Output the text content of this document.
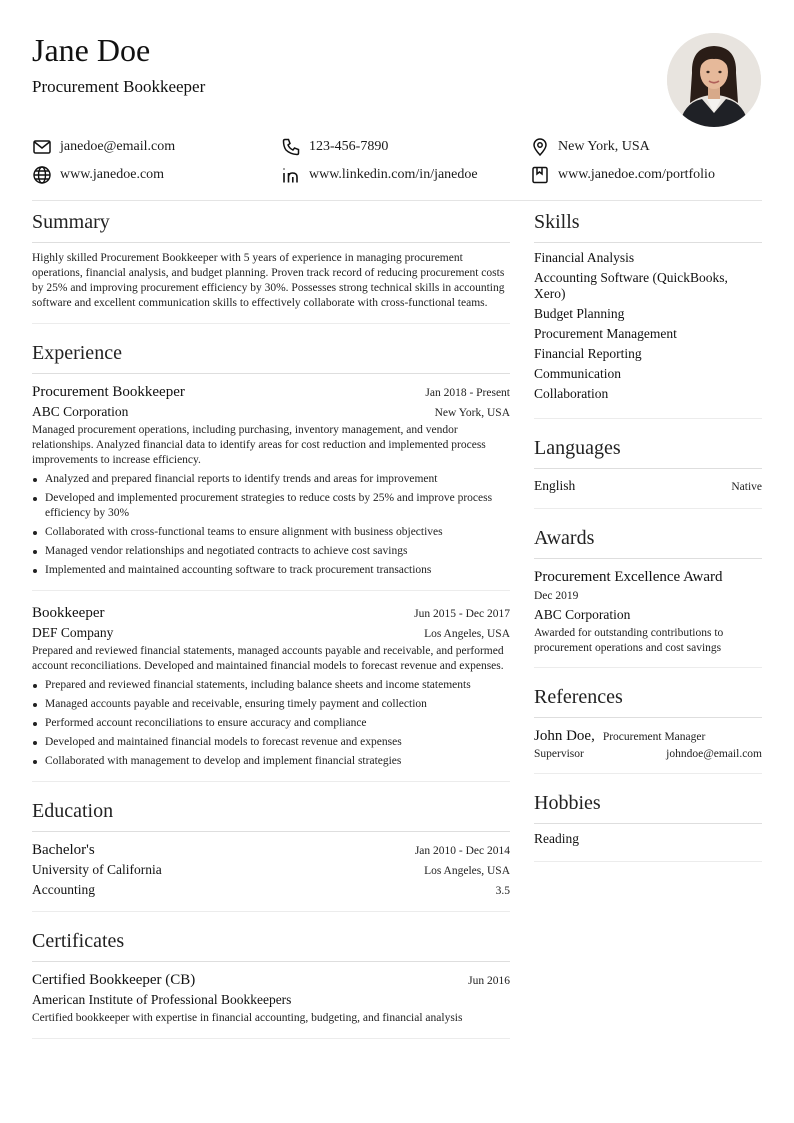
Jane Doe
Procurement Bookkeeper
janedoe@email.com	123-456-7890	New York, USA
www.janedoe.com	www.linkedin.com/in/janedoe	www.janedoe.com/portfolio
Summary
Highly skilled Procurement Bookkeeper with 5 years of experience in managing procurement operations, financial analysis, and budget planning. Proven track record of reducing procurement costs by 25% and improving procurement efficiency by 30%. Possesses strong technical skills in accounting software and excellent communication skills to effectively collaborate with cross-functional teams.
Experience
Procurement Bookkeeper	Jan 2018 - Present
ABC Corporation	New York, USA
Managed procurement operations, including purchasing, inventory management, and vendor relationships. Analyzed financial data to identify areas for cost reduction and implemented process improvements to increase efficiency.
Analyzed and prepared financial reports to identify trends and areas for improvement
Developed and implemented procurement strategies to reduce costs by 25% and improve process efficiency by 30%
Collaborated with cross-functional teams to ensure alignment with business objectives
Managed vendor relationships and negotiated contracts to achieve cost savings
Implemented and maintained accounting software to track procurement transactions
Bookkeeper	Jun 2015 - Dec 2017
DEF Company	Los Angeles, USA
Prepared and reviewed financial statements, managed accounts payable and receivable, and performed account reconciliations. Developed and maintained financial models to forecast revenue and expenses.
Prepared and reviewed financial statements, including balance sheets and income statements
Managed accounts payable and receivable, ensuring timely payment and collection
Performed account reconciliations to ensure accuracy and compliance
Developed and maintained financial models to forecast revenue and expenses
Collaborated with management to develop and implement financial strategies
Education
Bachelor's	Jan 2010 - Dec 2014
University of California	Los Angeles, USA
Accounting	3.5
Certificates
Certified Bookkeeper (CB)	Jun 2016
American Institute of Professional Bookkeepers
Certified bookkeeper with expertise in financial accounting, budgeting, and financial analysis
Skills
Financial Analysis
Accounting Software (QuickBooks, Xero)
Budget Planning
Procurement Management
Financial Reporting
Communication
Collaboration
Languages
English	Native
Awards
Procurement Excellence Award
Dec 2019
ABC Corporation
Awarded for outstanding contributions to procurement operations and cost savings
References
John Doe, Procurement Manager
Supervisor	johndoe@email.com
Hobbies
Reading
